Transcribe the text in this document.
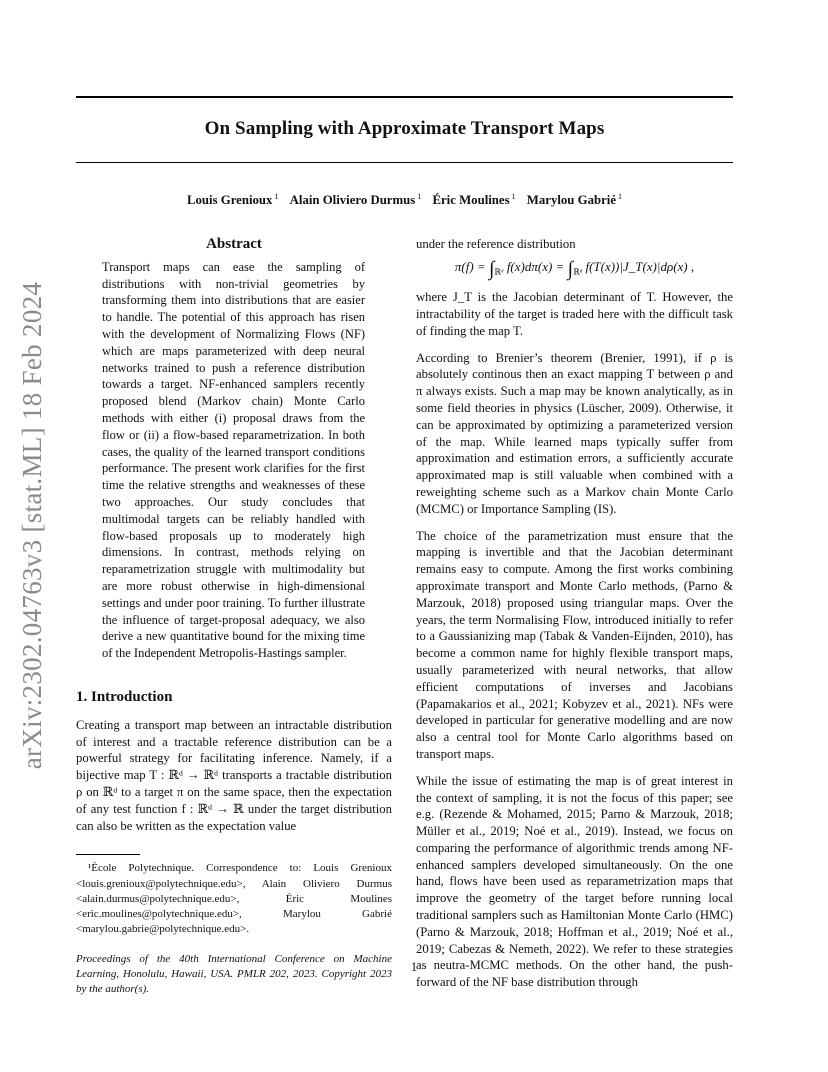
On Sampling with Approximate Transport Maps
Louis Grenioux $^1$ Alain Oliviero Durmus $^1$ Éric Moulines $^1$ Marylou Gabrié $^1$
arXiv:2302.04763v3 [stat.ML] 18 Feb 2024
Abstract

Transport maps can ease the sampling of distributions with non-trivial geometries by transforming them into distributions that are easier to handle. The potential of this approach has risen with the development of Normalizing Flows (NF) which are maps parameterized with deep neural networks trained to push a reference distribution towards a target. NF-enhanced samplers recently proposed blend (Markov chain) Monte Carlo methods with either (i) proposal draws from the flow or (ii) a flow-based reparametrization. In both cases, the quality of the learned transport conditions performance. The present work clarifies for the first time the relative strengths and weaknesses of these two approaches. Our study concludes that multimodal targets can be reliably handled with flow-based proposals up to moderately high dimensions. In contrast, methods relying on reparametrization struggle with multimodality but are more robust otherwise in high-dimensional settings and under poor training. To further illustrate the influence of target-proposal adequacy, we also derive a new quantitative bound for the mixing time of the Independent Metropolis-Hastings sampler.

1. Introduction

Creating a transport map between an intractable distribution of interest and a tractable reference distribution can be a powerful strategy for facilitating inference. Namely, if a bijective map T : ℝᵈ → ℝᵈ transports a tractable distribution ρ on ℝᵈ to a target π on the same space, then the expectation of any test function f : ℝᵈ → ℝ under the target distribution can also be written as the expectation value

¹École Polytechnique. Correspondence to: Louis Grenioux <louis.grenioux@polytechnique.edu>, Alain Oliviero Durmus <alain.durmus@polytechnique.edu>, Éric Moulines <eric.moulines@polytechnique.edu>, Marylou Gabrié <marylou.gabrie@polytechnique.edu>.

Proceedings of the 40th International Conference on Machine Learning, Honolulu, Hawaii, USA. PMLR 202, 2023. Copyright 2023 by the author(s).

under the reference distribution

$\pi(f) = \int_{ℝᵈ}$ $f(x)d\pi(x) = \int_{ℝᵈ}$ f(T(x))|J_T(x)|dρ(x) ,

where J_T is the Jacobian determinant of T. However, the intractability of the target is traded here with the difficult task of finding the map T.

According to Brenier’s theorem (Brenier, 1991), if ρ is absolutely continous then an exact mapping T between ρ and π always exists. Such a map may be known analytically, as in some field theories in physics (Lüscher, 2009). Otherwise, it can be approximated by optimizing a parameterized version of the map. While learned maps typically suffer from approximation and estimation errors, a sufficiently accurate approximated map is still valuable when combined with a reweighting scheme such as a Markov chain Monte Carlo (MCMC) or Importance Sampling (IS).

The choice of the parametrization must ensure that the mapping is invertible and that the Jacobian determinant remains easy to compute. Among the first works combining approximate transport and Monte Carlo methods, (Parno & Marzouk, 2018) proposed using triangular maps. Over the years, the term Normalising Flow, introduced initially to refer to a Gaussianizing map (Tabak & Vanden-Eijnden, 2010), has become a common name for highly flexible transport maps, usually parameterized with neural networks, that allow efficient computations of inverses and Jacobians (Papamakarios et al., 2021; Kobyzev et al., 2021). NFs were developed in particular for generative modelling and are now also a central tool for Monte Carlo algorithms based on transport maps.

While the issue of estimating the map is of great interest in the context of sampling, it is not the focus of this paper; see e.g. (Rezende & Mohamed, 2015; Parno & Marzouk, 2018; Müller et al., 2019; Noé et al., 2019). Instead, we focus on comparing the performance of algorithmic trends among NF-enhanced samplers developed simultaneously. On the one hand, flows have been used as reparametrization maps that improve the geometry of the target before running local traditional samplers such as Hamiltonian Monte Carlo (HMC) (Parno & Marzouk, 2018; Hoffman et al., 2019; Noé et al., 2019; Cabezas & Nemeth, 2022). We refer to these strategies as neutra-MCMC methods. On the other hand, the push-forward of the NF base distribution through

1
